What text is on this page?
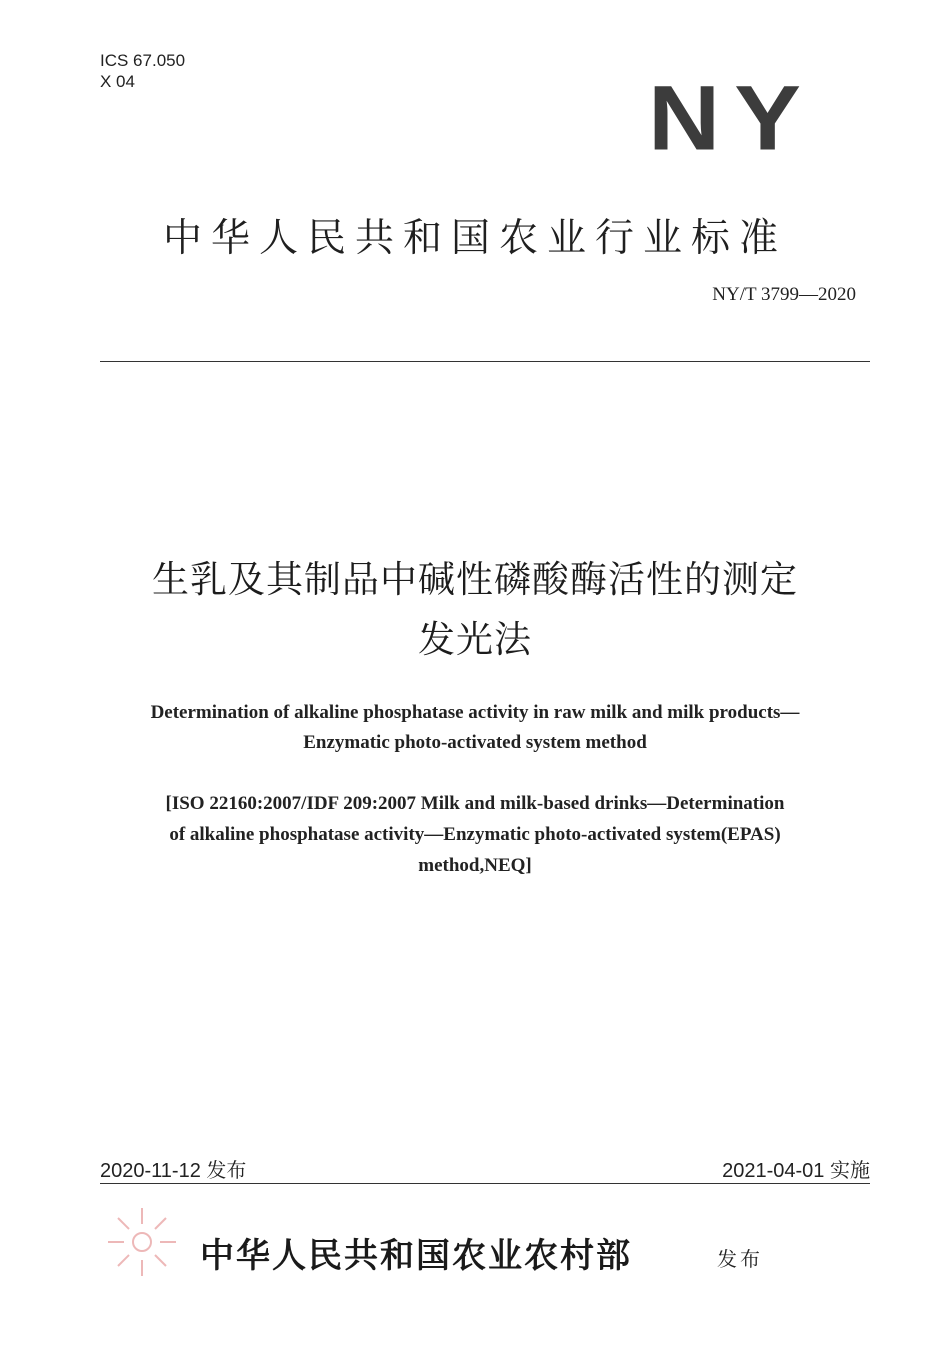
ICS 67.050
X 04	NY
中华人民共和国农业行业标准
NY/T 3799—2020
生乳及其制品中碱性磷酸酶活性的测定
发光法
Determination of alkaline phosphatase activity in raw milk and milk products—
Enzymatic photo-activated system method
[ISO 22160:2007/IDF 209:2007 Milk and milk-based drinks—Determination
of alkaline phosphatase activity—Enzymatic photo-activated system(EPAS)
method,NEQ]
2020-11-12 发布	2021-04-01 实施
中华人民共和国农业农村部	发布
